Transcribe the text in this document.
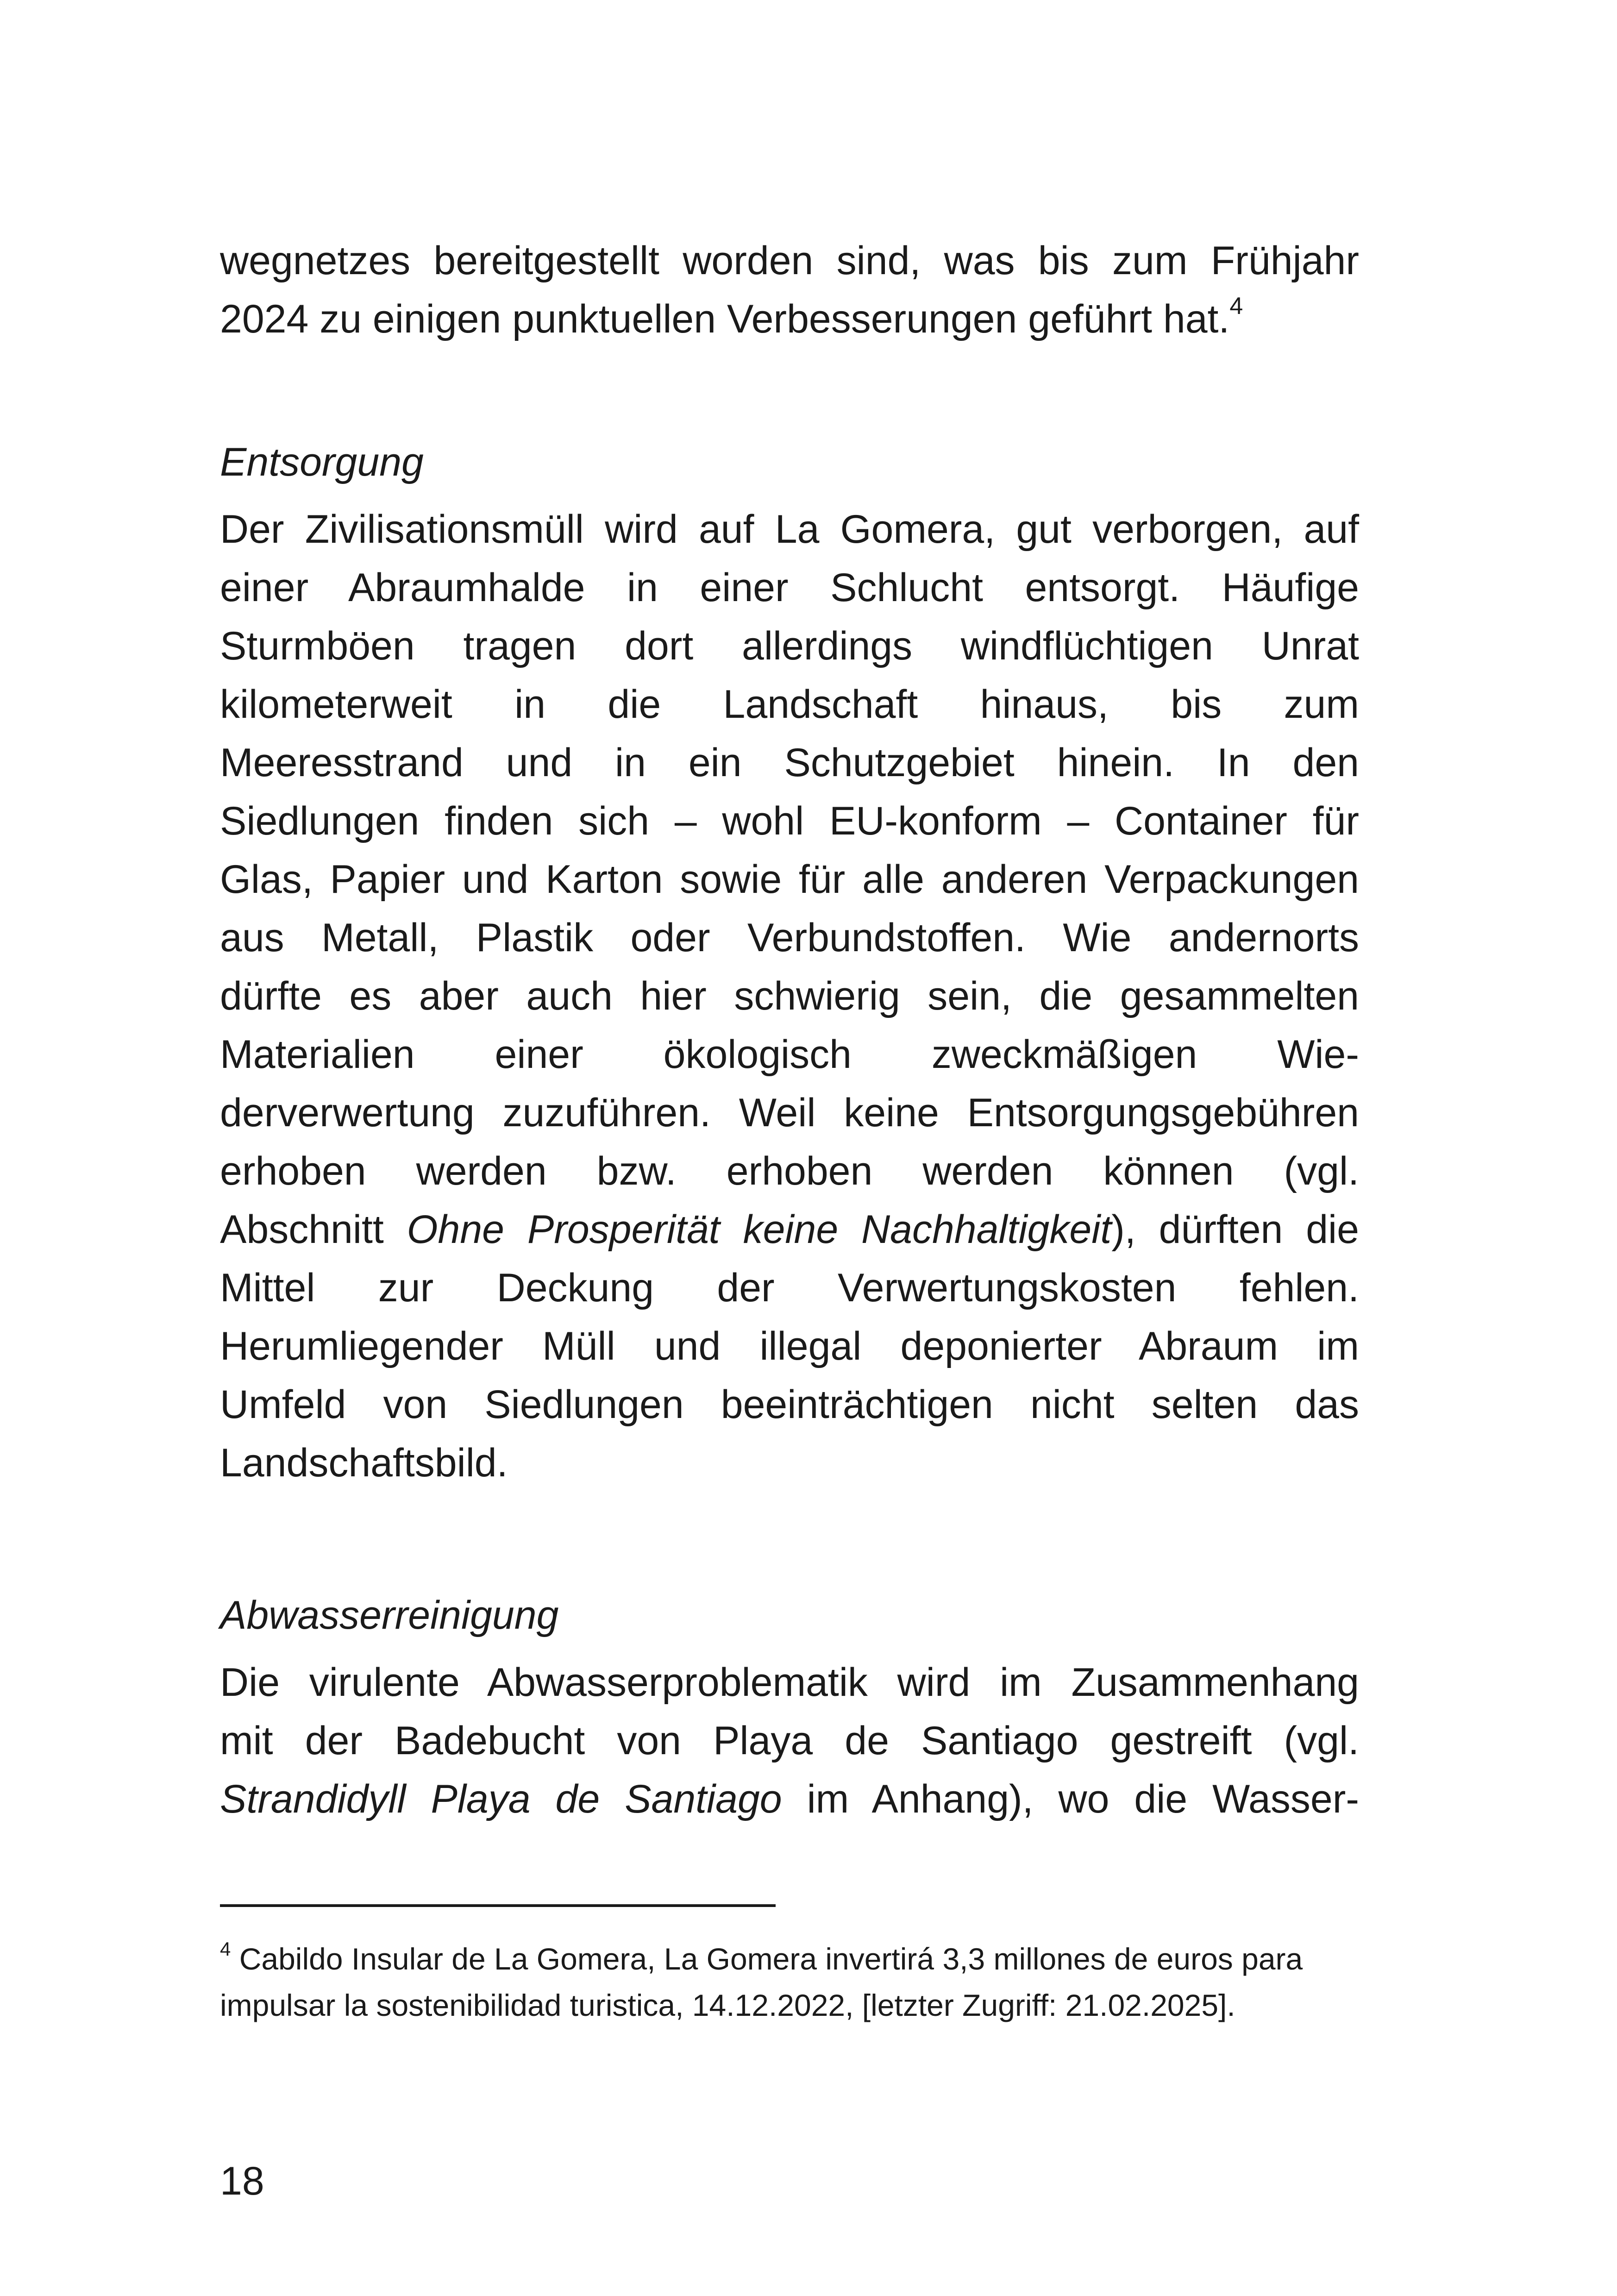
wegnetzes bereitgestellt worden sind, was bis zum Frühjahr
2024 zu einigen punktuellen Verbesserungen geführt hat.$^4$
Entsorgung
Der Zivilisationsmüll wird auf La Gomera, gut verborgen, auf
einer Abraumhalde in einer Schlucht entsorgt. Häufige
Sturmböen tragen dort allerdings windflüchtigen Unrat
kilometerweit in die Landschaft hinaus, bis zum
Meeresstrand und in ein Schutzgebiet hinein. In den
Siedlungen finden sich – wohl EU-konform – Container für
Glas, Papier und Karton sowie für alle anderen Verpackungen
aus Metall, Plastik oder Verbundstoffen. Wie andernorts
dürfte es aber auch hier schwierig sein, die gesammelten
Materialien einer ökologisch zweckmäßigen Wie-
derverwertung zuzuführen. Weil keine Entsorgungsgebühren
erhoben werden bzw. erhoben werden können (vgl.
Abschnitt Ohne Prosperität keine Nachhaltigkeit), dürften die
Mittel zur Deckung der Verwertungskosten fehlen.
Herumliegender Müll und illegal deponierter Abraum im
Umfeld von Siedlungen beeinträchtigen nicht selten das
Landschaftsbild.
Abwasserreinigung
Die virulente Abwasserproblematik wird im Zusammenhang
mit der Badebucht von Playa de Santiago gestreift (vgl.
Strandidyll Playa de Santiago im Anhang), wo die Wasser-
$^4$ Cabildo Insular de La Gomera, La Gomera invertirá 3,3 millones de euros para
impulsar la sostenibilidad turistica, 14.12.2022, [letzter Zugriff: 21.02.2025].
18
